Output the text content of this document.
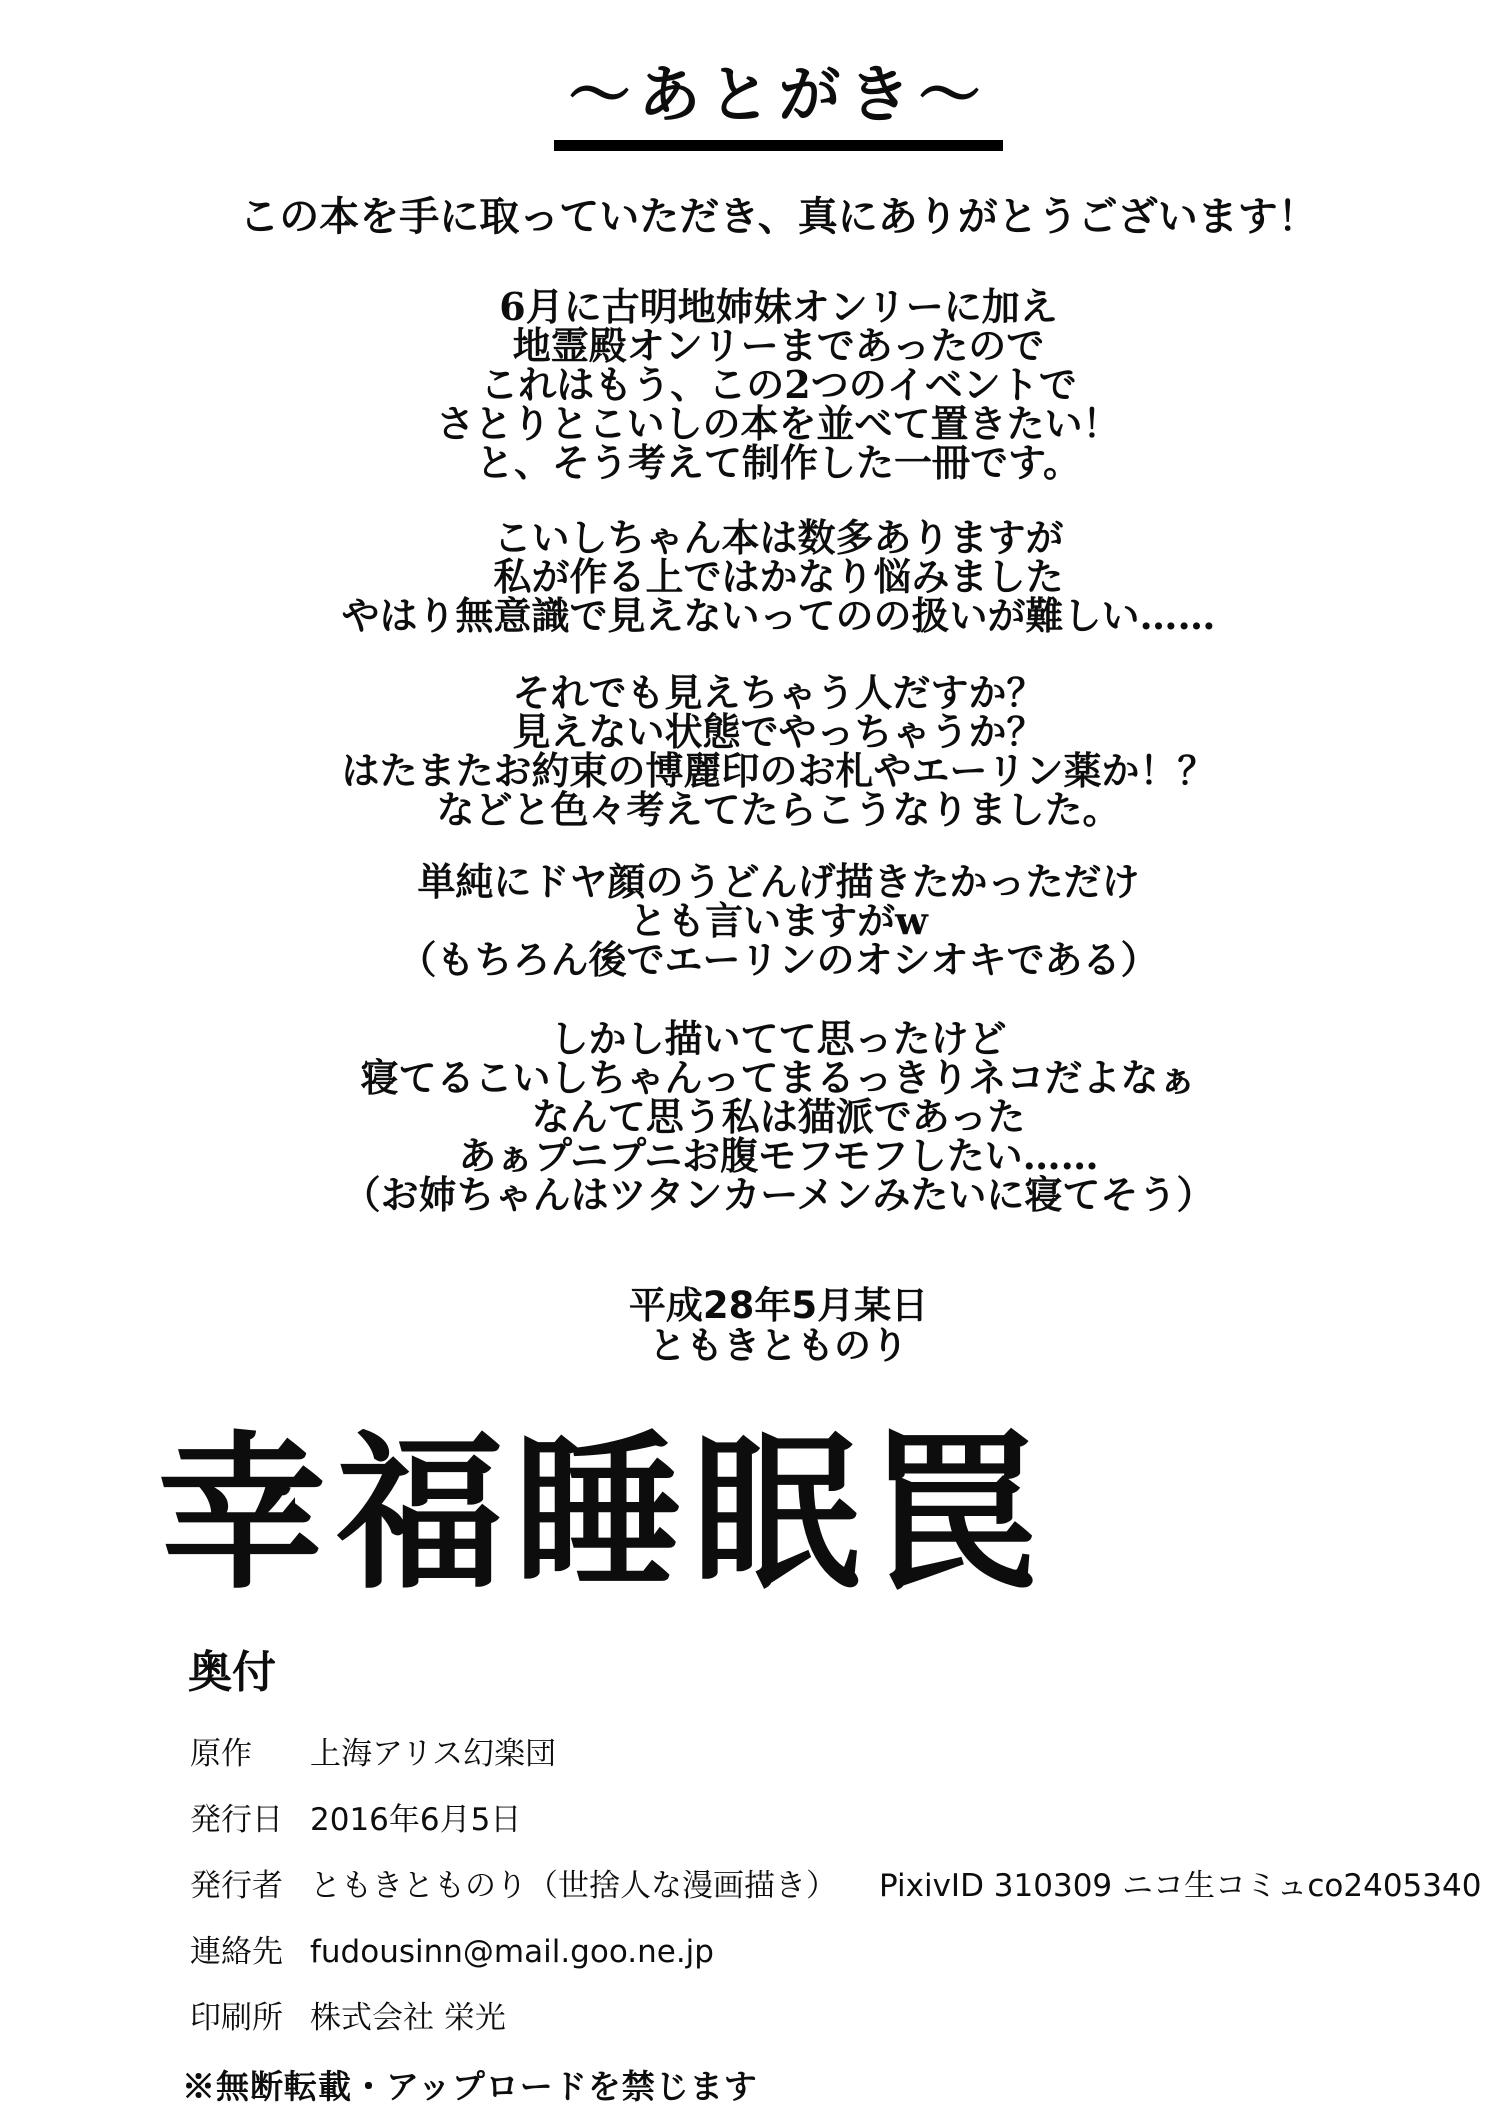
～あとがき～
この本を手に取っていただき、真にありがとうございます！
6月に古明地姉妹オンリーに加え
地霊殿オンリーまであったので
これはもう、この2つのイベントで
さとりとこいしの本を並べて置きたい！
と、そう考えて制作した一冊です。
こいしちゃん本は数多ありますが
私が作る上ではかなり悩みました
やはり無意識で見えないってのの扱いが難しい……
それでも見えちゃう人だすか？
見えない状態でやっちゃうか？
はたまたお約束の博麗印のお札やエーリン薬か！？
などと色々考えてたらこうなりました。
単純にドヤ顔のうどんげ描きたかっただけ
とも言いますがw
（もちろん後でエーリンのオシオキである）
しかし描いてて思ったけど
寝てるこいしちゃんってまるっきりネコだよなぁ
なんて思う私は猫派であった
あぁプニプニお腹モフモフしたい……
（お姉ちゃんはツタンカーメンみたいに寝てそう）
平成28年5月某日
ともきとものり
幸福睡眠罠
奥付
原作	上海アリス幻楽団
発行日 2016年6月5日
発行者 ともきとものり（世捨人な漫画描き） PixivID 310309 ニコ生コミュco2405340
連絡先 fudousinn@mail.goo.ne.jp
印刷所 株式会社 栄光
※無断転載・アップロードを禁じます
